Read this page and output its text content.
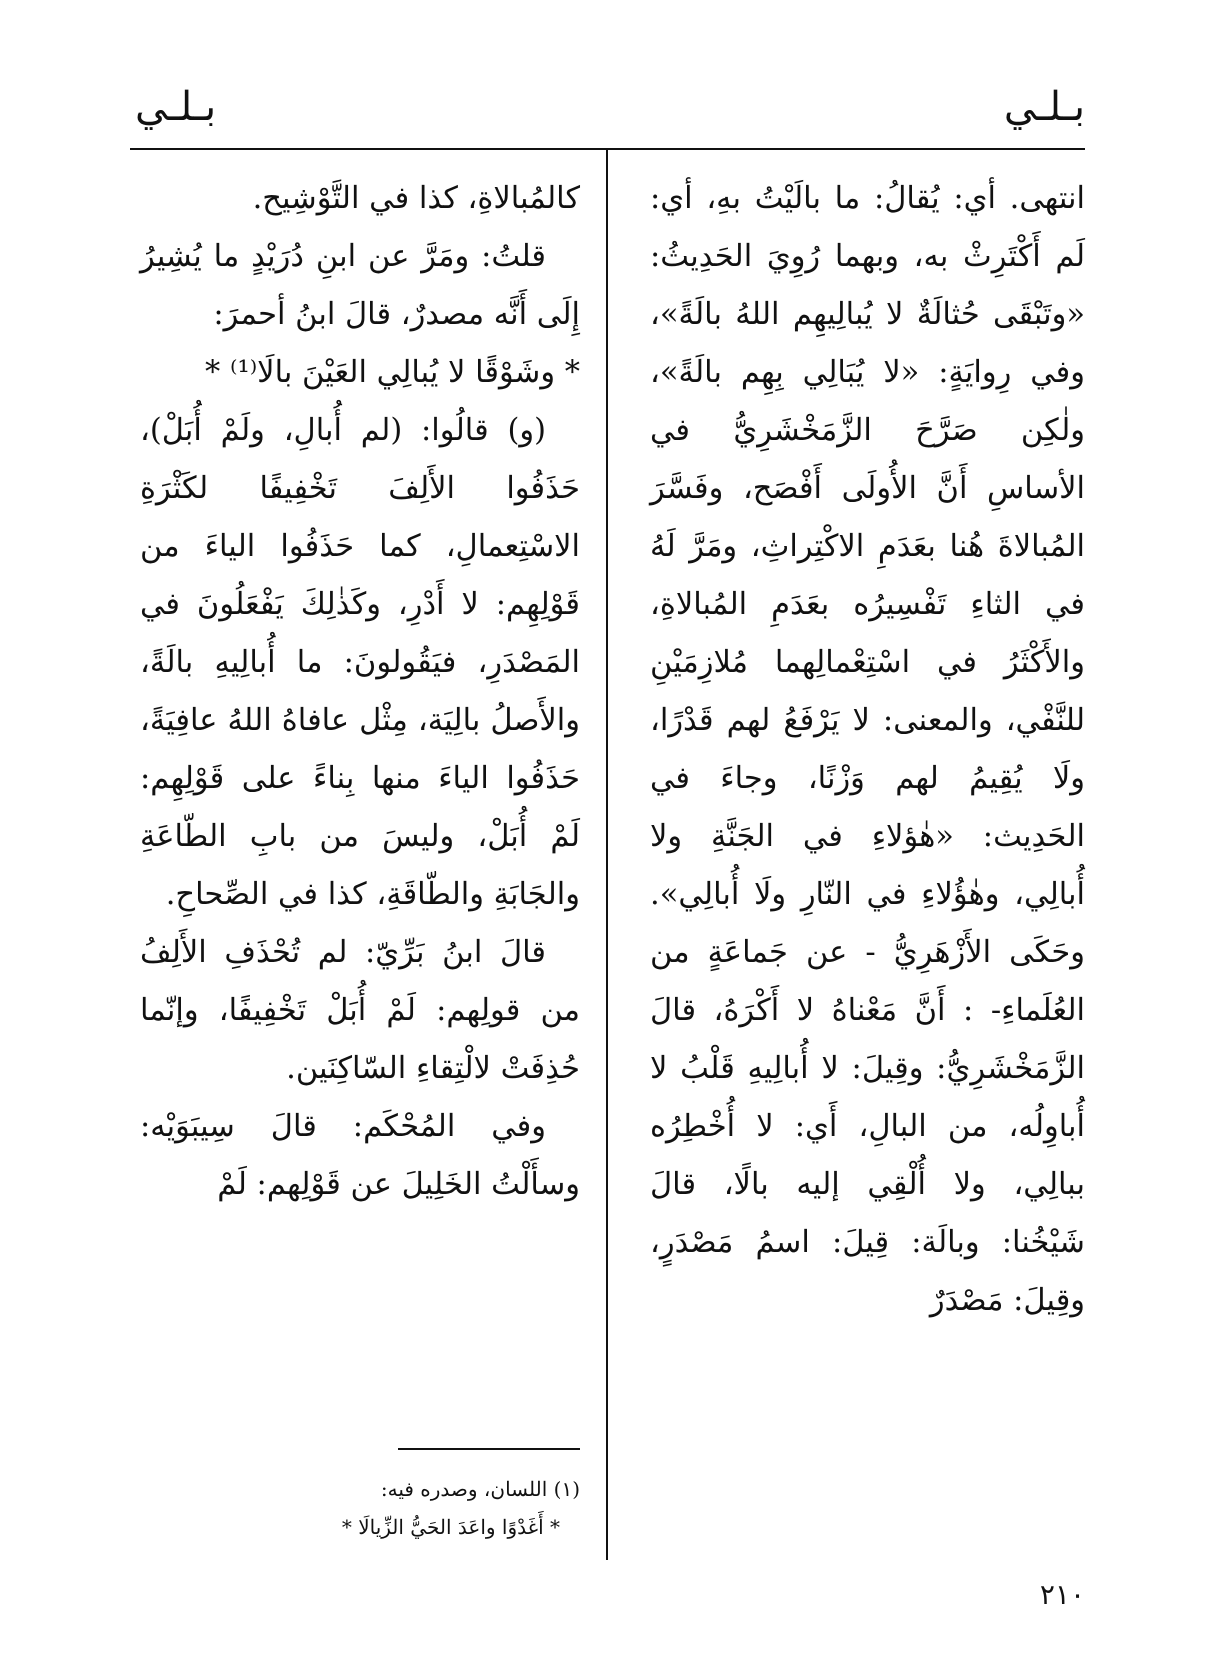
بـلـي
بـلـي

انتهى. أي: يُقالُ: ما بالَيْتُ بهِ، أي: لَم أَكْتَرِثْ به، وبهما رُوِيَ الحَدِيثُ: «وتَبْقَى حُثالَةٌ لا يُبالِيهِم اللهُ بالَةً»، وفي رِوايَةٍ: «لا يُبَالِي بِهِم بالَةً»، ولٰكِن صَرَّحَ الزَّمَخْشَرِيُّ في الأساسِ أَنَّ الأُولَى أَفْصَح، وفَسَّرَ المُبالاةَ هُنا بعَدَمِ الاكْتِراثِ، ومَرَّ لَهُ في الثاءِ تَفْسِيرُه بعَدَمِ المُبالاةِ، والأَكْثَرُ في اسْتِعْمالِهما مُلازِمَيْنِ للنَّفْي، والمعنى: لا يَرْفَعُ لهم قَدْرًا، ولَا يُقِيمُ لهم وَزْنًا، وجاءَ في الحَدِيث: «هٰؤلاءِ في الجَنَّةِ ولا أُبالِي، وهٰؤُلاءِ في النّارِ ولَا أُبالِي». وحَكَى الأَزْهَرِيُّ - عن جَماعَةٍ من العُلَماءِ- : أَنَّ مَعْناهُ لا أَكْرَهُ، قالَ الزَّمَخْشَرِيُّ: وقِيلَ: لا أُبالِيهِ قَلْبُ لا أُباوِلُه، من البالِ، أَي: لا أُخْطِرُه ببالِي، ولا أُلْقِي إليه بالًا، قالَ شَيْخُنا: وبالَة: قِيلَ: اسمُ مَصْدَرٍ، وقِيلَ: مَصْدَرٌ

كالمُبالاةِ، كذا في التَّوْشِيح.

قلتُ: ومَرَّ عن ابنِ دُرَيْدٍ ما يُشِيرُ إِلَى أَنَّه مصدرٌ، قالَ ابنُ أحمرَ:

* وشَوْقًا لا يُبالِي العَيْنَ بالَا⁽¹⁾ *

(و) قالُوا: (لم أُبالِ، ولَمْ أُبَلْ)، حَذَفُوا الأَلِفَ تَخْفِيفًا لكَثْرَةِ الاسْتِعمالِ، كما حَذَفُوا الياءَ من قَوْلِهِم: لا أَدْرِ، وكَذٰلِكَ يَفْعَلُونَ في المَصْدَرِ، فيَقُولونَ: ما أُبالِيهِ بالَةً، والأَصلُ بالِيَة، مِثْل عافاهُ اللهُ عافِيَةً، حَذَفُوا الياءَ منها بِناءً على قَوْلِهِم: لَمْ أُبَلْ، وليسَ من بابِ الطّاعَةِ والجَابَةِ والطّاقَةِ، كذا في الصِّحاحِ.

قالَ ابنُ بَرِّيّ: لم تُحْذَفِ الأَلِفُ من قولِهم: لَمْ أُبَلْ تَخْفِيفًا، وإنّما حُذِفَتْ لالْتِقاءِ السّاكِنَين.

وفي المُحْكَم: قالَ سِيبَوَيْه: وسأَلْتُ الخَلِيلَ عن قَوْلِهم: لَمْ

(١) اللسان، وصدره فيه:

* أَغَدْوًا واعَدَ الحَيُّ الزِّيالَا *

٢١٠
